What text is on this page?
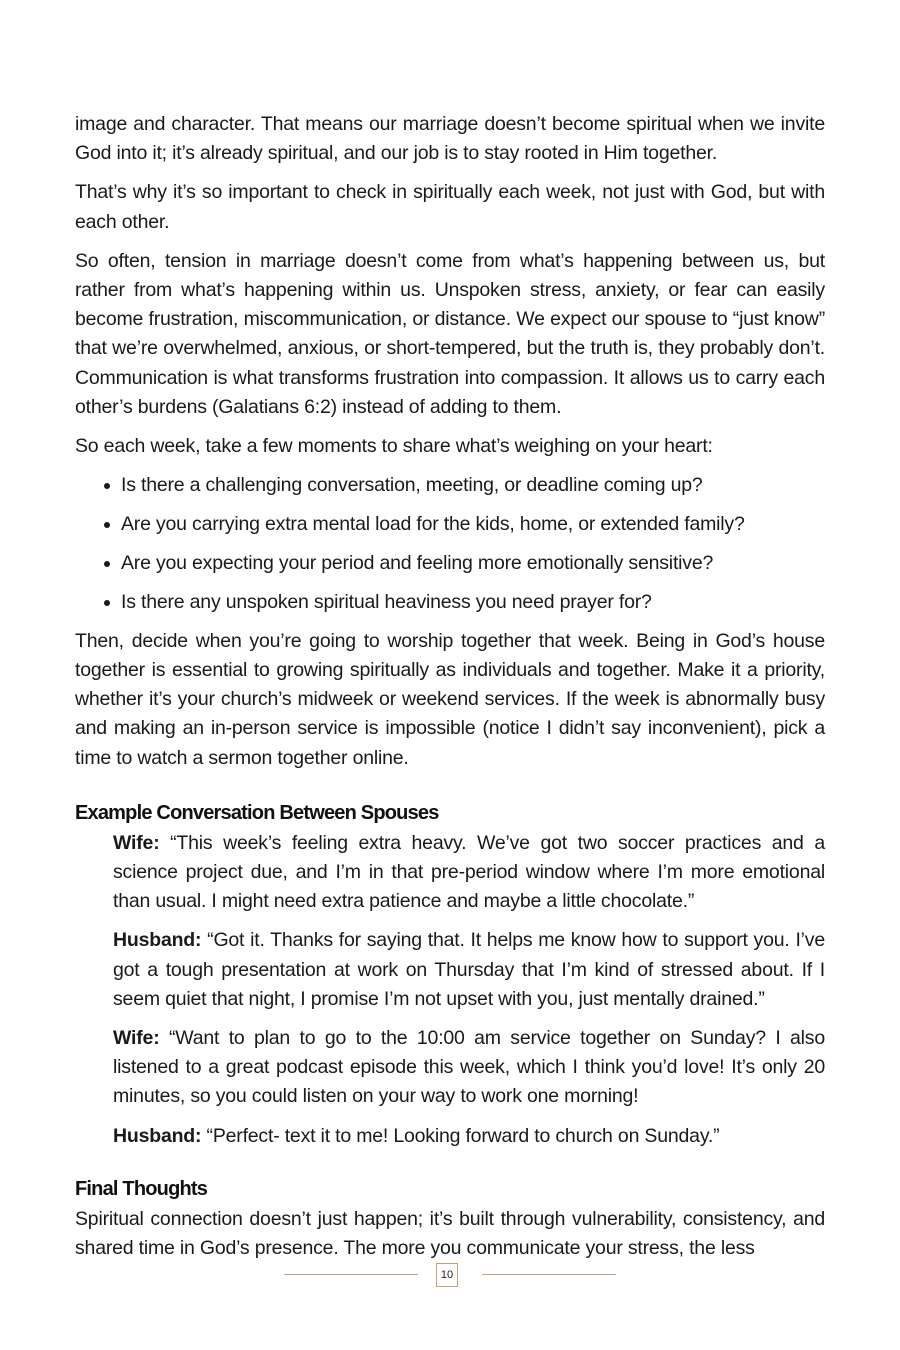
image and character. That means our marriage doesn’t become spiritual when we invite God into it; it’s already spiritual, and our job is to stay rooted in Him together.

That’s why it’s so important to check in spiritually each week, not just with God, but with each other.

So often, tension in marriage doesn’t come from what’s happening between us, but rather from what’s happening within us. Unspoken stress, anxiety, or fear can easily become frustration, miscommunication, or distance. We expect our spouse to “just know” that we’re overwhelmed, anxious, or short-tempered, but the truth is, they probably don’t. Communication is what transforms frustration into compassion. It allows us to carry each other’s burdens (Galatians 6:2) instead of adding to them.

So each week, take a few moments to share what’s weighing on your heart:

Is there a challenging conversation, meeting, or deadline coming up?
Are you carrying extra mental load for the kids, home, or extended family?
Are you expecting your period and feeling more emotionally sensitive?
Is there any unspoken spiritual heaviness you need prayer for?

Then, decide when you’re going to worship together that week. Being in God’s house together is essential to growing spiritually as individuals and together. Make it a priority, whether it’s your church’s midweek or weekend services. If the week is abnormally busy and making an in-person service is impossible (notice I didn’t say inconvenient), pick a time to watch a sermon together online.

Example Conversation Between Spouses

Wife: “This week’s feeling extra heavy. We’ve got two soccer practices and a science project due, and I’m in that pre-period window where I’m more emotional than usual. I might need extra patience and maybe a little chocolate.”

Husband: “Got it. Thanks for saying that. It helps me know how to support you. I’ve got a tough presentation at work on Thursday that I’m kind of stressed about. If I seem quiet that night, I promise I’m not upset with you, just mentally drained.”

Wife: “Want to plan to go to the 10:00 am service together on Sunday? I also listened to a great podcast episode this week, which I think you’d love! It’s only 20 minutes, so you could listen on your way to work one morning!

Husband: “Perfect- text it to me! Looking forward to church on Sunday.”

Final Thoughts

Spiritual connection doesn’t just happen; it’s built through vulnerability, consistency, and shared time in God’s presence. The more you communicate your stress, the less

10
